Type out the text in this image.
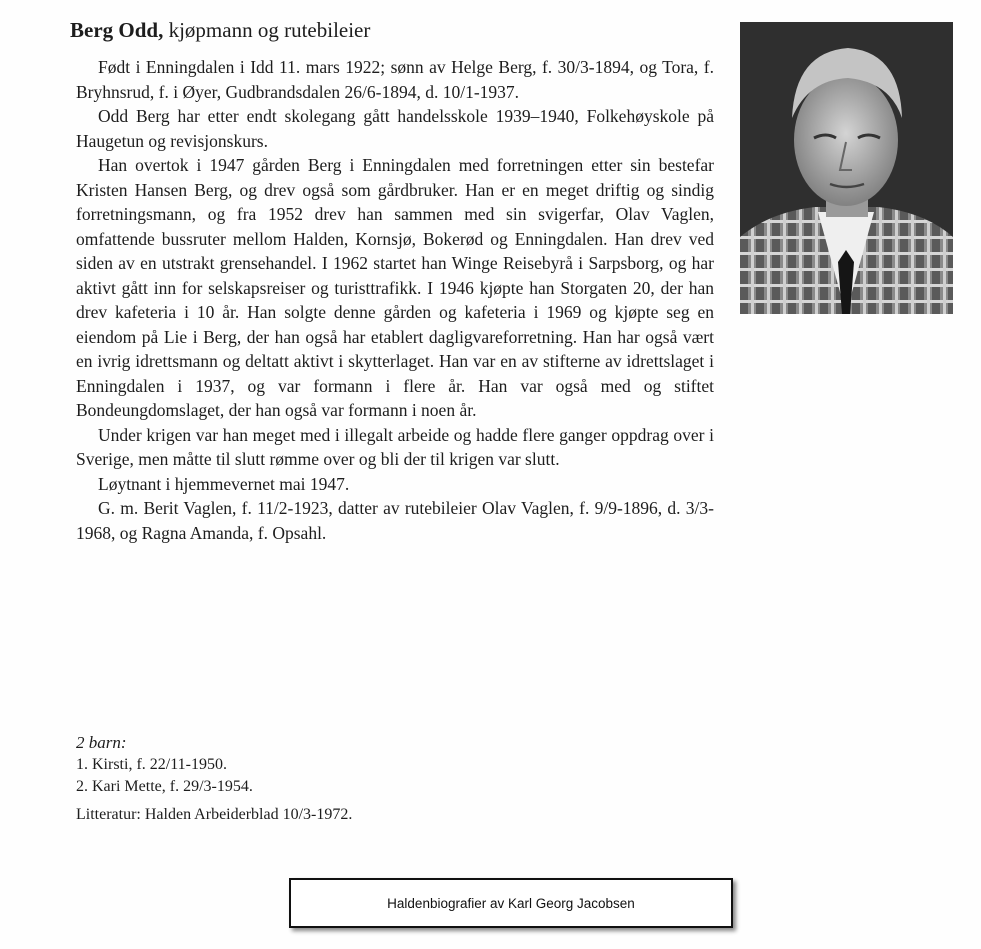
Berg Odd, kjøpmann og rutebileier

Født i Enningdalen i Idd 11. mars 1922; sønn av Helge Berg, f. 30/3-1894, og Tora, f. Bryhnsrud, f. i Øyer, Gudbrandsdalen 26/6-1894, d. 10/1-1937.

Odd Berg har etter endt skolegang gått handelsskole 1939–1940, Folkehøyskole på Haugetun og revisjonskurs.

Han overtok i 1947 gården Berg i Enningdalen med forretningen etter sin bestefar Kristen Hansen Berg, og drev også som gårdbruker. Han er en meget driftig og sindig forretningsmann, og fra 1952 drev han sammen med sin svigerfar, Olav Vaglen, omfattende bussruter mellom Halden, Kornsjø, Bokerød og Enningdalen. Han drev ved siden av en utstrakt grensehandel. I 1962 startet han Winge Reisebyrå i Sarpsborg, og har aktivt gått inn for selskapsreiser og turisttrafikk. I 1946 kjøpte han Storgaten 20, der han drev kafeteria i 10 år. Han solgte denne gården og kafeteria i 1969 og kjøpte seg en eiendom på Lie i Berg, der han også har etablert dagligvareforretning. Han har også vært en ivrig idrettsmann og deltatt aktivt i skytterlaget. Han var en av stifterne av idrettslaget i Enningdalen i 1937, og var formann i flere år. Han var også med og stiftet Bondeungdomslaget, der han også var formann i noen år.

Under krigen var han meget med i illegalt arbeide og hadde flere ganger oppdrag over i Sverige, men måtte til slutt rømme over og bli der til krigen var slutt.

Løytnant i hjemmevernet mai 1947.

G. m. Berit Vaglen, f. 11/2-1923, datter av rutebileier Olav Vaglen, f. 9/9-1896, d. 3/3-1968, og Ragna Amanda, f. Opsahl.

2 barn:
1. Kirsti, f. 22/11-1950.
2. Kari Mette, f. 29/3-1954.
Litteratur: Halden Arbeiderblad 10/3-1972.
Haldenbiografier av Karl Georg Jacobsen
